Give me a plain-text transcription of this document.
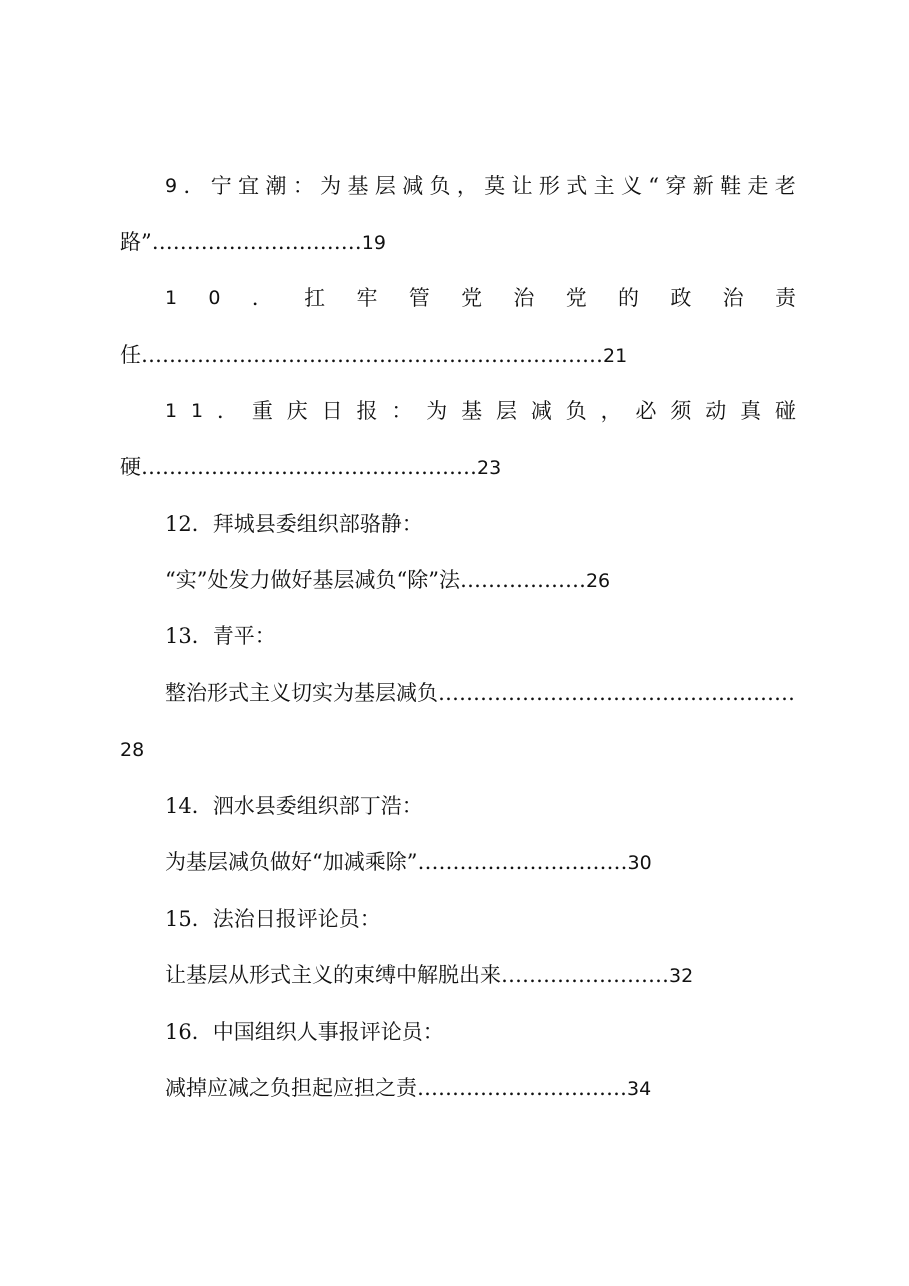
9 ． 宁 宜 潮 ： 为 基 层 减 负 ， 莫 让 形 式 主 义 “ 穿 新 鞋 走 老
路”…………………………19
1 0 ． 扛 牢 管 党 治 党 的 政 治 责
任…………………………………………………………21
1 1 ． 重 庆 日 报 ： 为 基 层 减 负 ， 必 须 动 真 碰
硬…………………………………………23
12．拜城县委组织部骆静：
“实”处发力做好基层减负“除”法………………26
13．青平：
整治形式主义切实为基层减负……………………………………………
28
14．泗水县委组织部丁浩：
为基层减负做好“加减乘除”…………………………30
15．法治日报评论员：
让基层从形式主义的束缚中解脱出来……………………32
16．中国组织人事报评论员：
减掉应减之负担起应担之责…………………………34
